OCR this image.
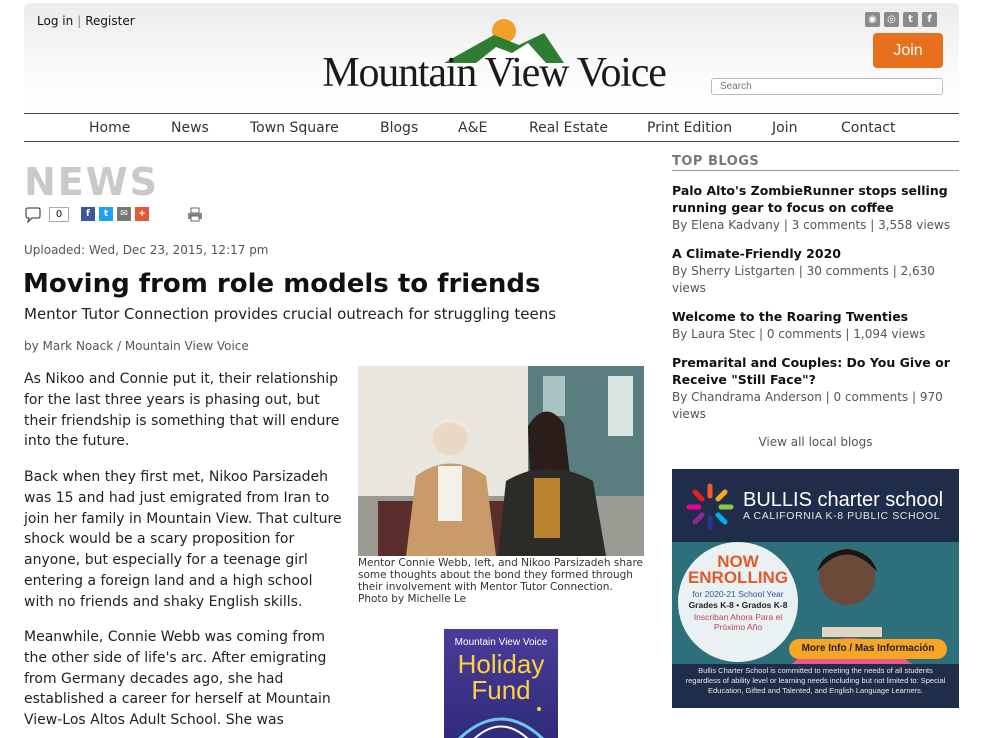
Log in | Register
Mountain View Voice
◉	◎	t	f
Join
Search
Home	News	Town Square	Blogs	A&E	Real Estate	Print Edition	Join	Contact
NEWS
0	f	t	✉	+
Uploaded: Wed, Dec 23, 2015, 12:17 pm
Moving from role models to friends
Mentor Tutor Connection provides crucial outreach for struggling teens
by Mark Noack / Mountain View Voice

As Nikoo and Connie put it, their relationship for the last three years is phasing out, but their friendship is something that will endure into the future.

Back when they first met, Nikoo Parsizadeh was 15 and had just emigrated from Iran to join her family in Mountain View. That culture shock would be a scary proposition for anyone, but especially for a teenage girl entering a foreign land and a high school with no friends and shaky English skills.

Meanwhile, Connie Webb was coming from the other side of life's arc. After emigrating from Germany decades ago, she had established a career for herself at Mountain View-Los Altos Adult School. She was

Mentor Connie Webb, left, and Nikoo Parsizadeh share some thoughts about the bond they formed through their involvement with Mentor Tutor Connection. Photo by Michelle Le
Mountain View Voice
Holiday Fund
TOP BLOGS
Palo Alto's ZombieRunner stops selling running gear to focus on coffee
By Elena Kadvany | 3 comments | 3,558 views
A Climate-Friendly 2020
By Sherry Listgarten | 30 comments | 2,630 views
Welcome to the Roaring Twenties
By Laura Stec | 0 comments | 1,094 views
Premarital and Couples: Do You Give or Receive "Still Face"?
By Chandrama Anderson | 0 comments | 970 views
View all local blogs
BULLIS charter school
A CALIFORNIA K-8 PUBLIC SCHOOL
NOW ENROLLING
for 2020-21 School Year
Grades K-8 • Grados K-8
Inscriban Ahora Para el Próximo Año
More Info / Mas Información
Bullis Charter School is committed to meeting the needs of all students regardless of ability level or learning needs including but not limited to: Special Education, Gifted and Talented, and English Language Learners.
